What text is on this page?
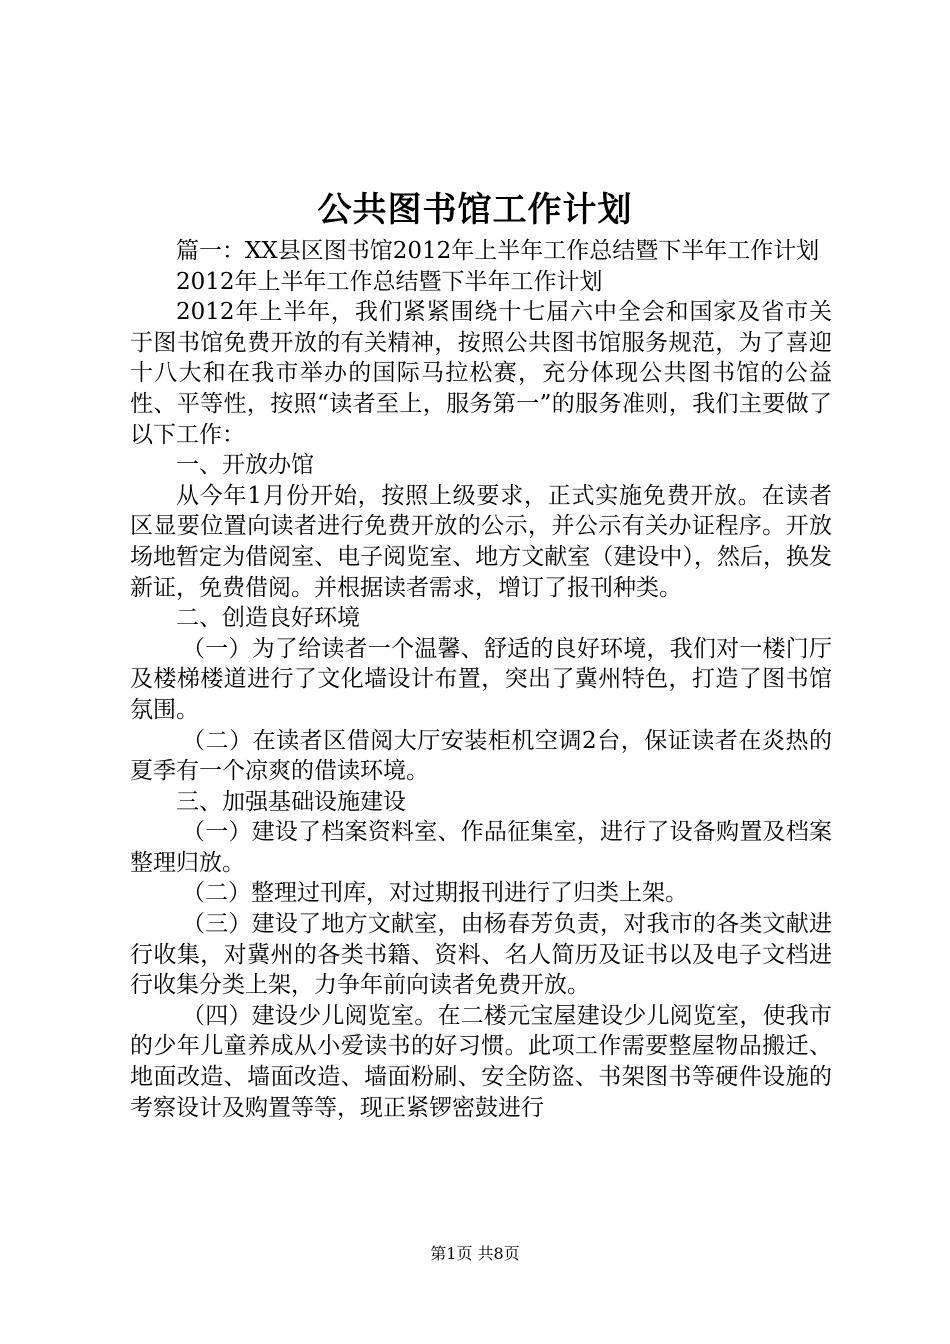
公共图书馆工作计划

篇一：XX县区图书馆2012年上半年工作总结暨下半年工作计划

2012年上半年工作总结暨下半年工作计划

2012年上半年，我们紧紧围绕十七届六中全会和国家及省市关于图书馆免费开放的有关精神，按照公共图书馆服务规范，为了喜迎十八大和在我市举办的国际马拉松赛，充分体现公共图书馆的公益性、平等性，按照“读者至上，服务第一”的服务准则，我们主要做了以下工作：

一、开放办馆

从今年1月份开始，按照上级要求，正式实施免费开放。在读者区显要位置向读者进行免费开放的公示，并公示有关办证程序。开放场地暂定为借阅室、电子阅览室、地方文献室（建设中），然后，换发新证，免费借阅。并根据读者需求，增订了报刊种类。

二、创造良好环境

（一）为了给读者一个温馨、舒适的良好环境，我们对一楼门厅及楼梯楼道进行了文化墙设计布置，突出了冀州特色，打造了图书馆氛围。

（二）在读者区借阅大厅安装柜机空调2台，保证读者在炎热的夏季有一个凉爽的借读环境。

三、加强基础设施建设

（一）建设了档案资料室、作品征集室，进行了设备购置及档案整理归放。

（二）整理过刊库，对过期报刊进行了归类上架。

（三）建设了地方文献室，由杨春芳负责，对我市的各类文献进行收集，对冀州的各类书籍、资料、名人简历及证书以及电子文档进行收集分类上架，力争年前向读者免费开放。

（四）建设少儿阅览室。在二楼元宝屋建设少儿阅览室，使我市的少年儿童养成从小爱读书的好习惯。此项工作需要整屋物品搬迁、地面改造、墙面改造、墙面粉刷、安全防盗、书架图书等硬件设施的考察设计及购置等等，现正紧锣密鼓进行

第1页 共8页
